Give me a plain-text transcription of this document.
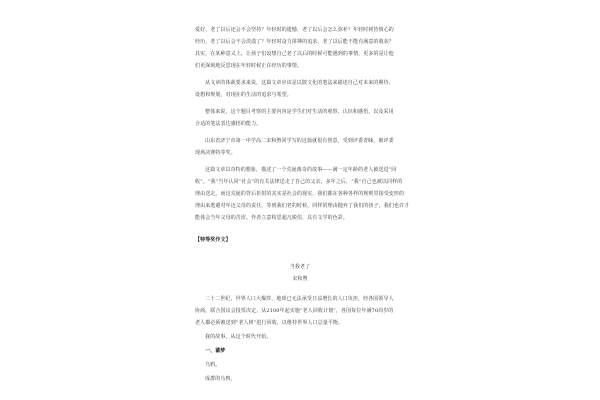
爱好，老了以后还会不会坚持？年轻时的遗憾，老了以后会怎么弥补？年轻时树皆愤心的
经历，老了以后会不会淡漠了？年轻时奋力拼搏的追求，老了以后能不能有满意的收获？
其实，在某种意义上，让孩子们设想自己老了以后的时候可能遇到的事情，更多的是让他
们更深刻地反思现在年轻时候正在经历的事情。
从文章的体裁要求来说，这篇文章应该是以散文化的笔法来描述自己对未来的期待、
设想和规划，对现在的生活的追求与希望。
整体来说，这个题目考察的主要内容是学生们对生活的观察、认识和感悟，以及采用
合适的笔法表达感悟的能力。
山东省济宁市第一中学高二宋和煦同学写的这篇就很有创意，受到评委青睐，被评委
现场决赛特等奖。
这篇文章以奇特的想象，描述了一个荒诞离奇的故事——满一定年龄的老人被送进“回
收”。“我”当年认同“社会”的有关法律送走了自己的父亲，多年之后，“我”自己也被以同样的
理由送走。而这荒诞的背后折射的其实是社会的现实，我们都在各种各样的规则里接受变形的
理由来逃避对年迈父母的责任，等到我们老的时候，同样的理由抛弃了我们的孩子，我们也许才
能体会当年父母的苦涩。作者立意构思超凡脱俗，具有文学的色彩。
【特等奖作文】
当我老了
宋和煦
二十二世纪，世界人口大爆炸，地球已无法承受日益增长的人口负担，经各国领导人
协商，联合国议会投票决定，从2100年起实施“老人回收计划”，各国每位年满70周岁的
老人都必须被送到“老人树”进行回收，以维持世界人口总量平衡。
我的故事，从这个时代开始。
一、蕃梦
乌鸦。
成群的乌鸦。
